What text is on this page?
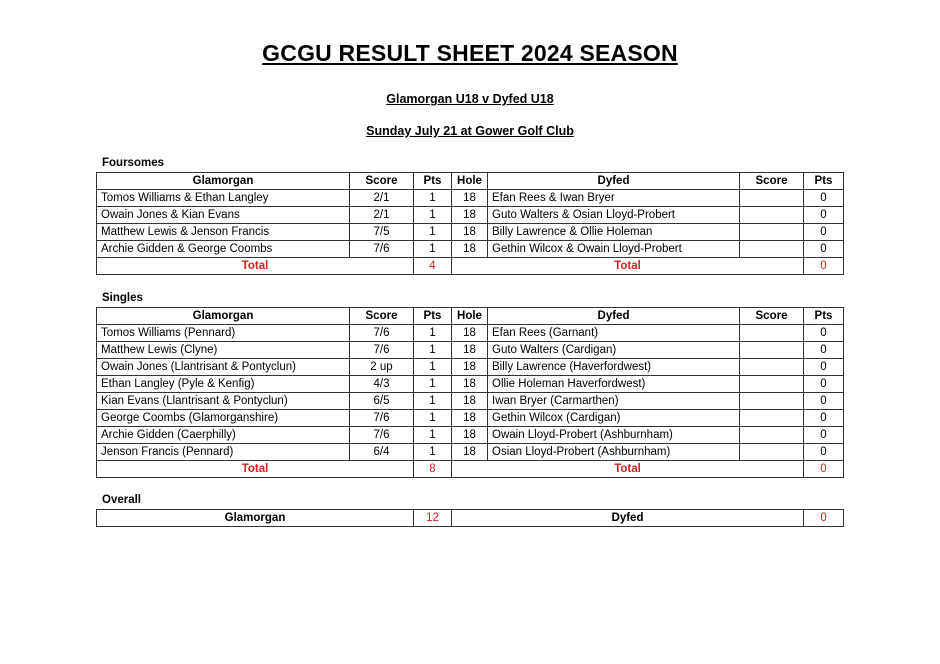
GCGU RESULT SHEET 2024 SEASON
Glamorgan U18 v Dyfed U18
Sunday July 21 at Gower Golf Club
Foursomes
Glamorgan	Score	Pts	Hole	Dyfed	Score	Pts
Tomos Williams & Ethan Langley	2/1	1	18	Efan Rees & Iwan Bryer		0
Owain Jones & Kian Evans	2/1	1	18	Guto Walters & Osian Lloyd-Probert		0
Matthew Lewis & Jenson Francis	7/5	1	18	Billy Lawrence & Ollie Holeman		0
Archie Gidden & George Coombs	7/6	1	18	Gethin Wilcox & Owain Lloyd-Probert		0
Total		4	Total			0
Singles
Glamorgan	Score	Pts	Hole	Dyfed	Score	Pts
Tomos Williams (Pennard)	7/6	1	18	Efan Rees (Garnant)		0
Matthew Lewis (Clyne)	7/6	1	18	Guto Walters (Cardigan)		0
Owain Jones (Llantrisant & Pontyclun)	2 up	1	18	Billy Lawrence (Haverfordwest)		0
Ethan Langley (Pyle & Kenfig)	4/3	1	18	Ollie Holeman Haverfordwest)		0
Kian Evans (Llantrisant & Pontyclun)	6/5	1	18	Iwan Bryer (Carmarthen)		0
George Coombs (Glamorganshire)	7/6	1	18	Gethin Wilcox (Cardigan)		0
Archie Gidden (Caerphilly)	7/6	1	18	Owain Lloyd-Probert (Ashburnham)		0
Jenson Francis (Pennard)	6/4	1	18	Osian Lloyd-Probert (Ashburnham)		0
Total		8	Total			0
Overall
Glamorgan	12	Dyfed	0
